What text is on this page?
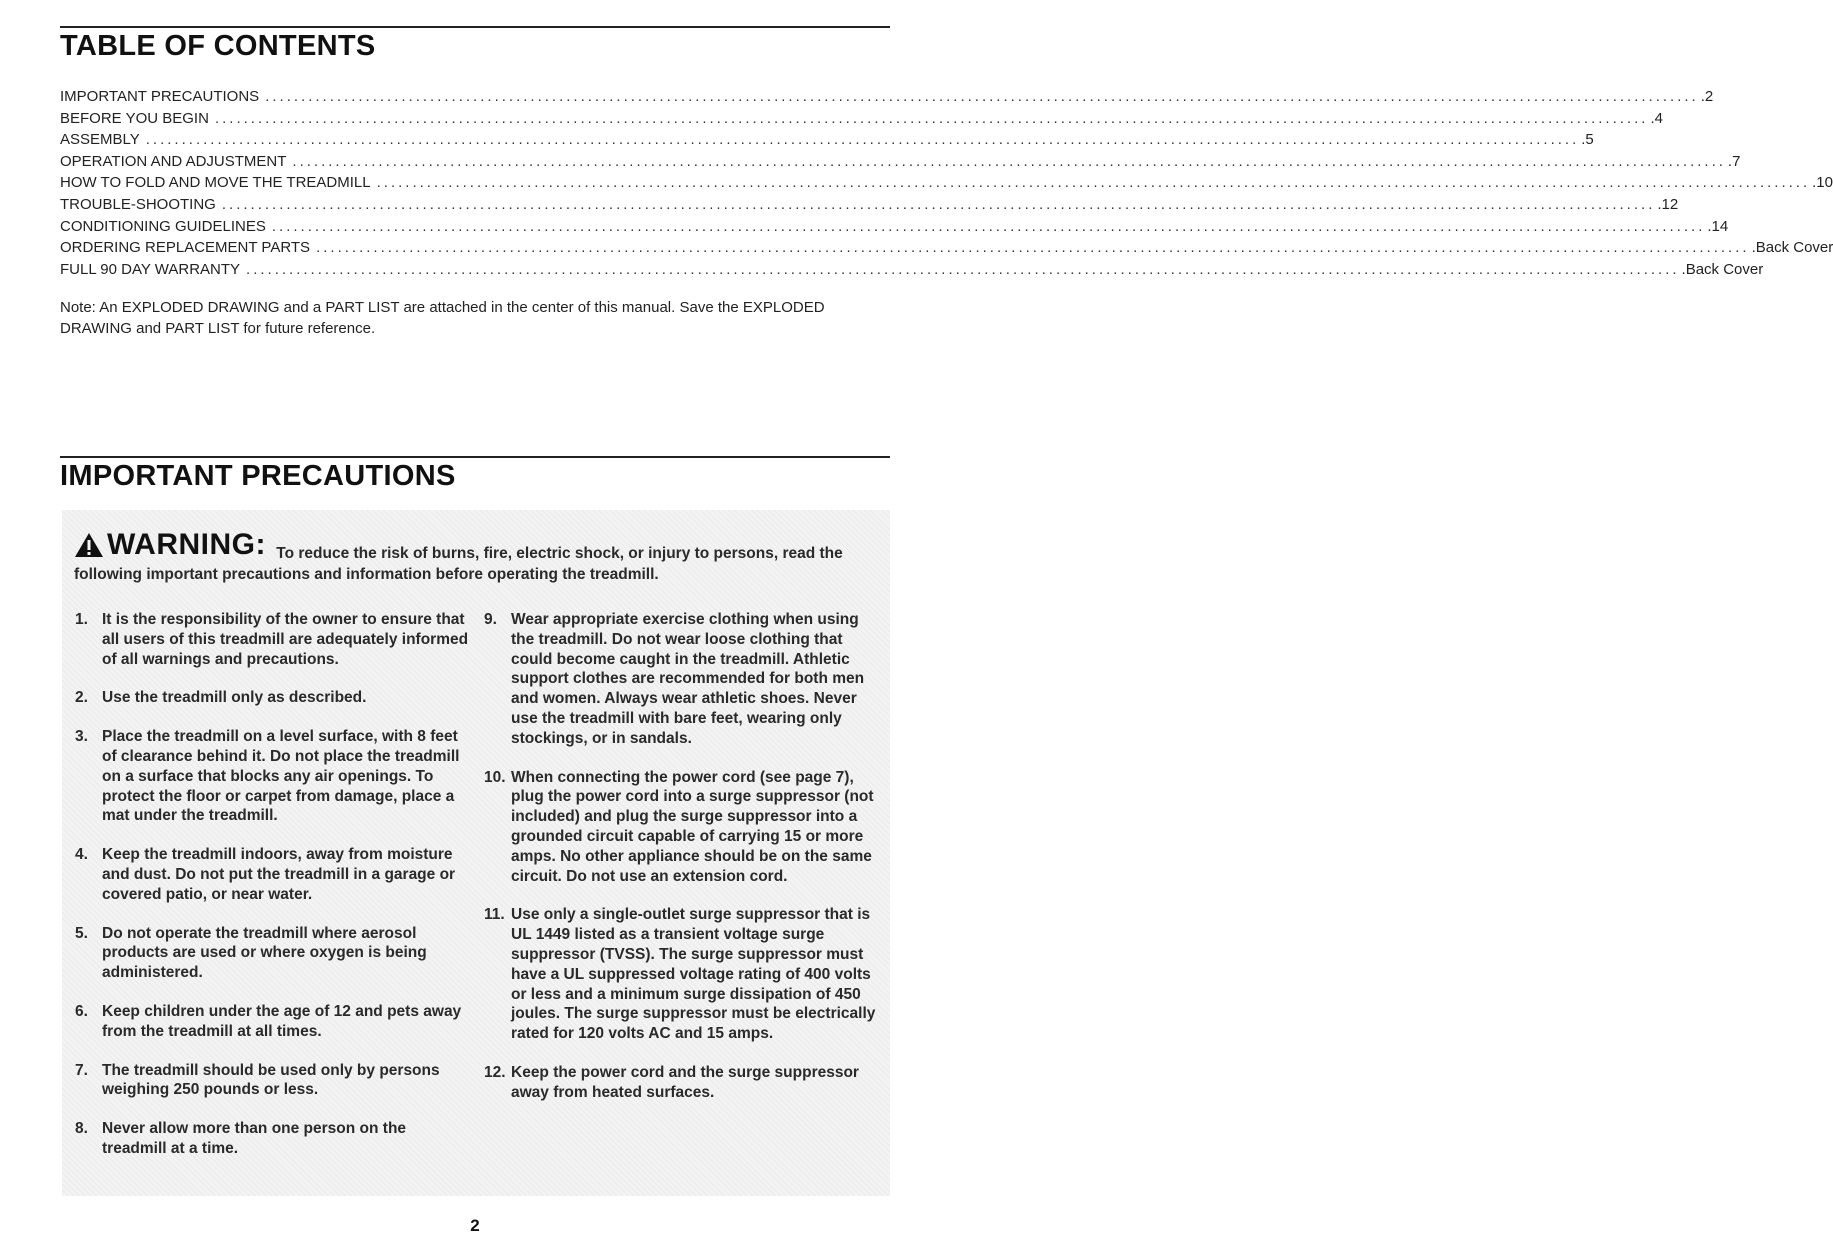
TABLE OF CONTENTS
IMPORTANT PRECAUTIONS ........................................................................................................................................................................................................ .2
BEFORE YOU BEGIN ........................................................................................................................................................................................................ .4
ASSEMBLY ........................................................................................................................................................................................................ .5
OPERATION AND ADJUSTMENT ........................................................................................................................................................................................................ .7
HOW TO FOLD AND MOVE THE TREADMILL ........................................................................................................................................................................................................ .10
TROUBLE-SHOOTING ........................................................................................................................................................................................................ .12
CONDITIONING GUIDELINES ........................................................................................................................................................................................................ .14
ORDERING REPLACEMENT PARTS ........................................................................................................................................................................................................ .Back Cover
FULL 90 DAY WARRANTY ........................................................................................................................................................................................................ .Back Cover

Note: An EXPLODED DRAWING and a PART LIST are attached in the center of this manual. Save the EXPLODED DRAWING and PART LIST for future reference.

IMPORTANT PRECAUTIONS
WARNING: To reduce the risk of burns, fire, electric shock, or injury to persons, read the following important precautions and information before operating the treadmill.
1. It is the responsibility of the owner to ensure that all users of this treadmill are adequately informed of all warnings and precautions.
2. Use the treadmill only as described.
3. Place the treadmill on a level surface, with 8 feet of clearance behind it. Do not place the treadmill on a surface that blocks any air openings. To protect the floor or carpet from damage, place a mat under the treadmill.
4. Keep the treadmill indoors, away from moisture and dust. Do not put the treadmill in a garage or covered patio, or near water.
5. Do not operate the treadmill where aerosol products are used or where oxygen is being administered.
6. Keep children under the age of 12 and pets away from the treadmill at all times.
7. The treadmill should be used only by persons weighing 250 pounds or less.
8. Never allow more than one person on the treadmill at a time.
9. Wear appropriate exercise clothing when using the treadmill. Do not wear loose clothing that could become caught in the treadmill. Athletic support clothes are recommended for both men and women. Always wear athletic shoes. Never use the treadmill with bare feet, wearing only stockings, or in sandals.
10. When connecting the power cord (see page 7), plug the power cord into a surge suppressor (not included) and plug the surge suppressor into a grounded circuit capable of carrying 15 or more amps. No other appliance should be on the same circuit. Do not use an extension cord.
11. Use only a single-outlet surge suppressor that is UL 1449 listed as a transient voltage surge suppressor (TVSS). The surge suppressor must have a UL suppressed voltage rating of 400 volts or less and a minimum surge dissipation of 450 joules. The surge suppressor must be electrically rated for 120 volts AC and 15 amps.
12. Keep the power cord and the surge suppressor away from heated surfaces.
2
